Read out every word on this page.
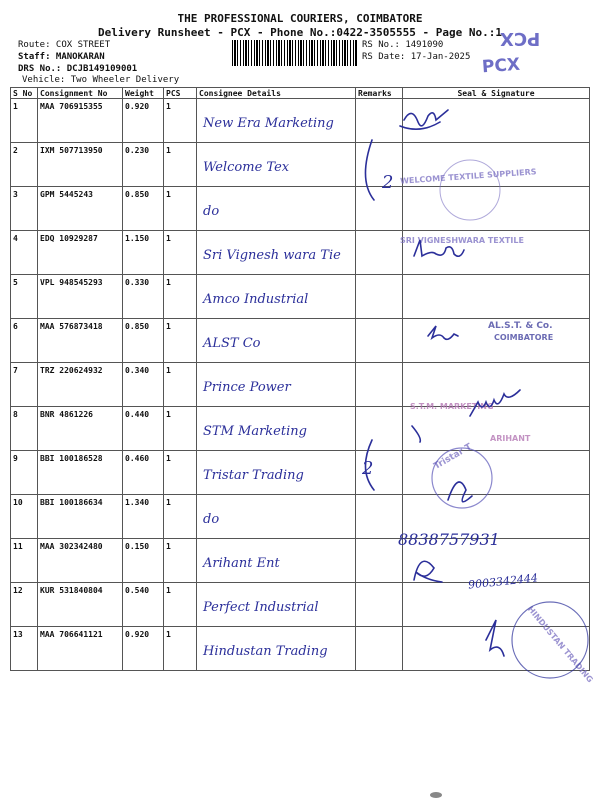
THE PROFESSIONAL COURIERS, COIMBATORE
Delivery Runsheet - PCX - Phone No.:0422-3505555 - Page No.:1
Route: COX STREET
Staff: MANOKARAN
DRS No.: DCJB149109001
Vehicle: Two Wheeler Delivery
RS No.: 1491090
RS Date: 17-Jan-2025
PCX
PCX
S No	Consignment No	Weight	PCS	Consignee Details	Remarks	Seal & Signature
1	MAA 706915355	0.920	1	New Era Marketing		

2	IXM 507713950	0.230	1	Welcome Tex		

3	GPM 5445243	0.850	1	do		

4	EDQ 10929287	1.150	1	Sri Vignesh wara Tie		

5	VPL 948545293	0.330	1	Amco Industrial		

6	MAA 576873418	0.850	1	ALST Co		

7	TRZ 220624932	0.340	1	Prince Power		

8	BNR 4861226	0.440	1	STM Marketing		

9	BBI 100186528	0.460	1	Tristar Trading		

10	BBI 100186634	1.340	1	do		

11	MAA 302342480	0.150	1	Arihant Ent		

12	KUR 531840804	0.540	1	Perfect Industrial		

13	MAA 706641121	0.920	1	Hindustan Trading		

2
2
WELCOME TEXTILE SUPPLIERS
SRI VIGNESHWARA TEXTILE
AL.S.T. & Co.
COIMBATORE
S.T.M. MARKETING
ARIHANT
Tristar T
HINDUSTAN TRADING
8838757931
9003342444
